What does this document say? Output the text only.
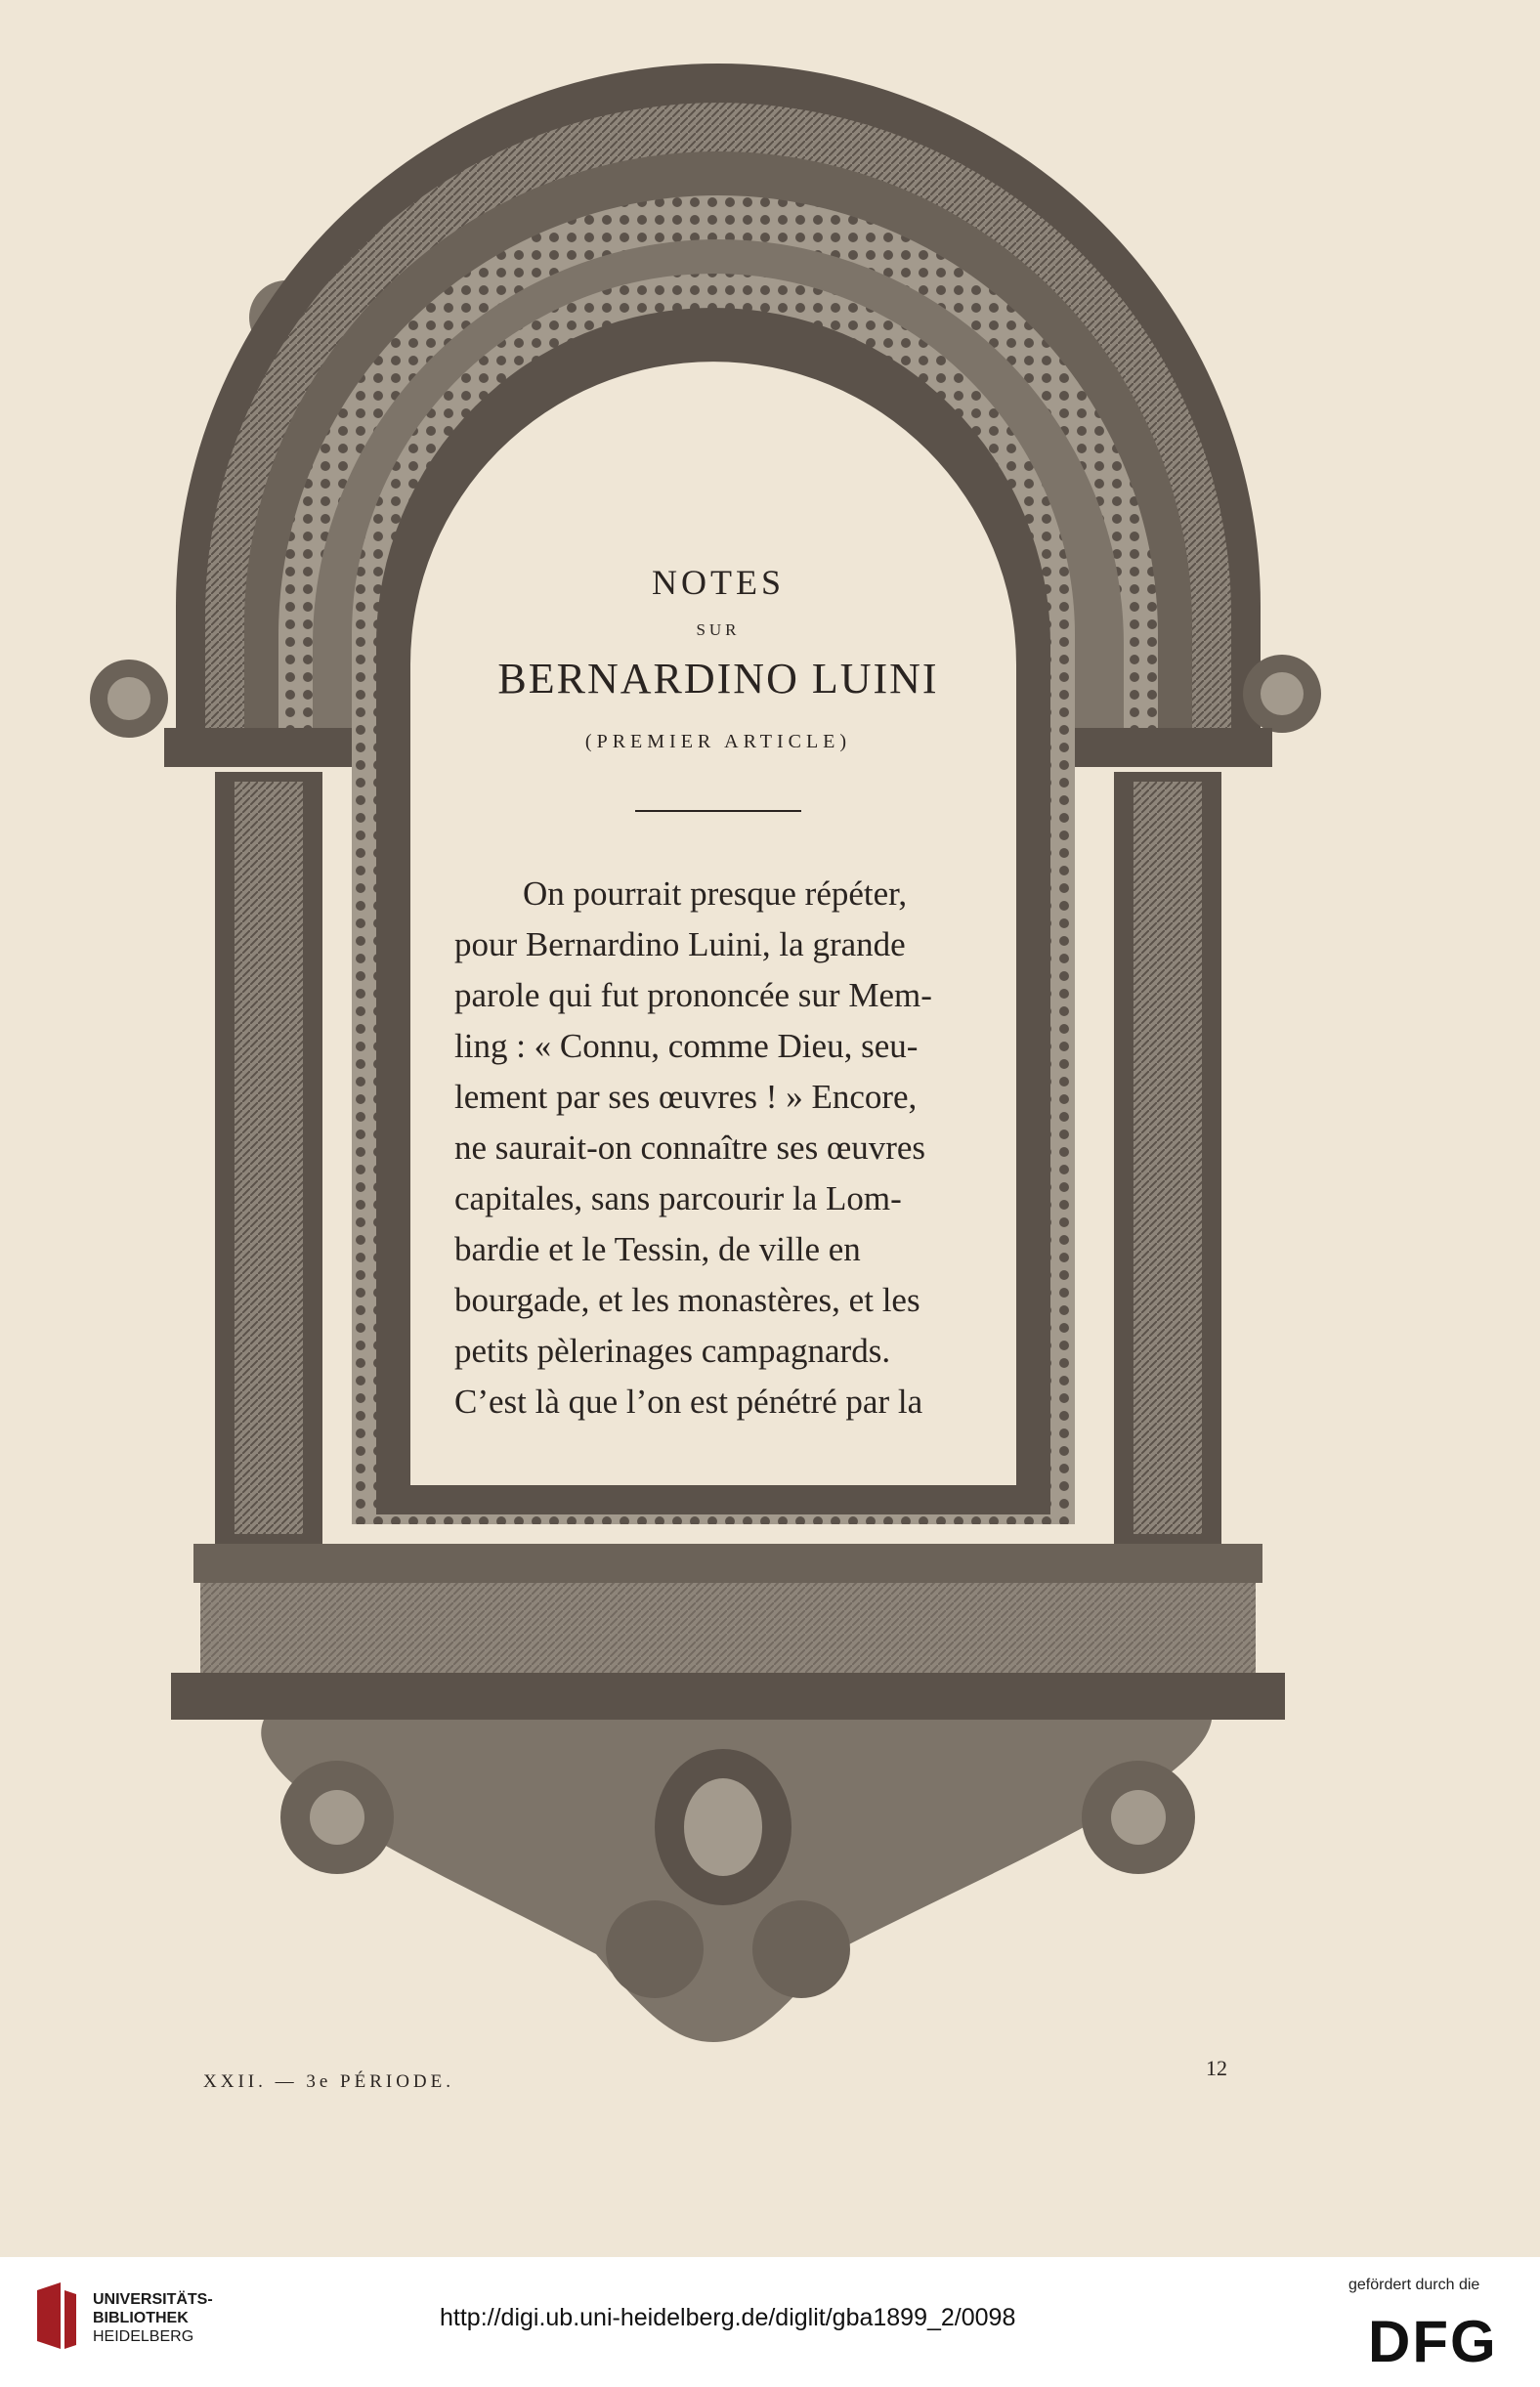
NOTES
SUR
BERNARDINO LUINI
(PREMIER ARTICLE)
On pourrait presque répéter,
pour Bernardino Luini, la grande
parole qui fut prononcée sur Mem-
ling : « Connu, comme Dieu, seu-
lement par ses œuvres ! » Encore,
ne saurait-on connaître ses œuvres
capitales, sans parcourir la Lom-
bardie et le Tessin, de ville en
bourgade, et les monastères, et les
petits pèlerinages campagnards.
C’est là que l’on est pénétré par la
XXII. — 3e PÉRIODE.
12
UNIVERSITÄTS-
BIBLIOTHEK
HEIDELBERG
http://digi.ub.uni-heidelberg.de/diglit/gba1899_2/0098
gefördert durch die
DFG
